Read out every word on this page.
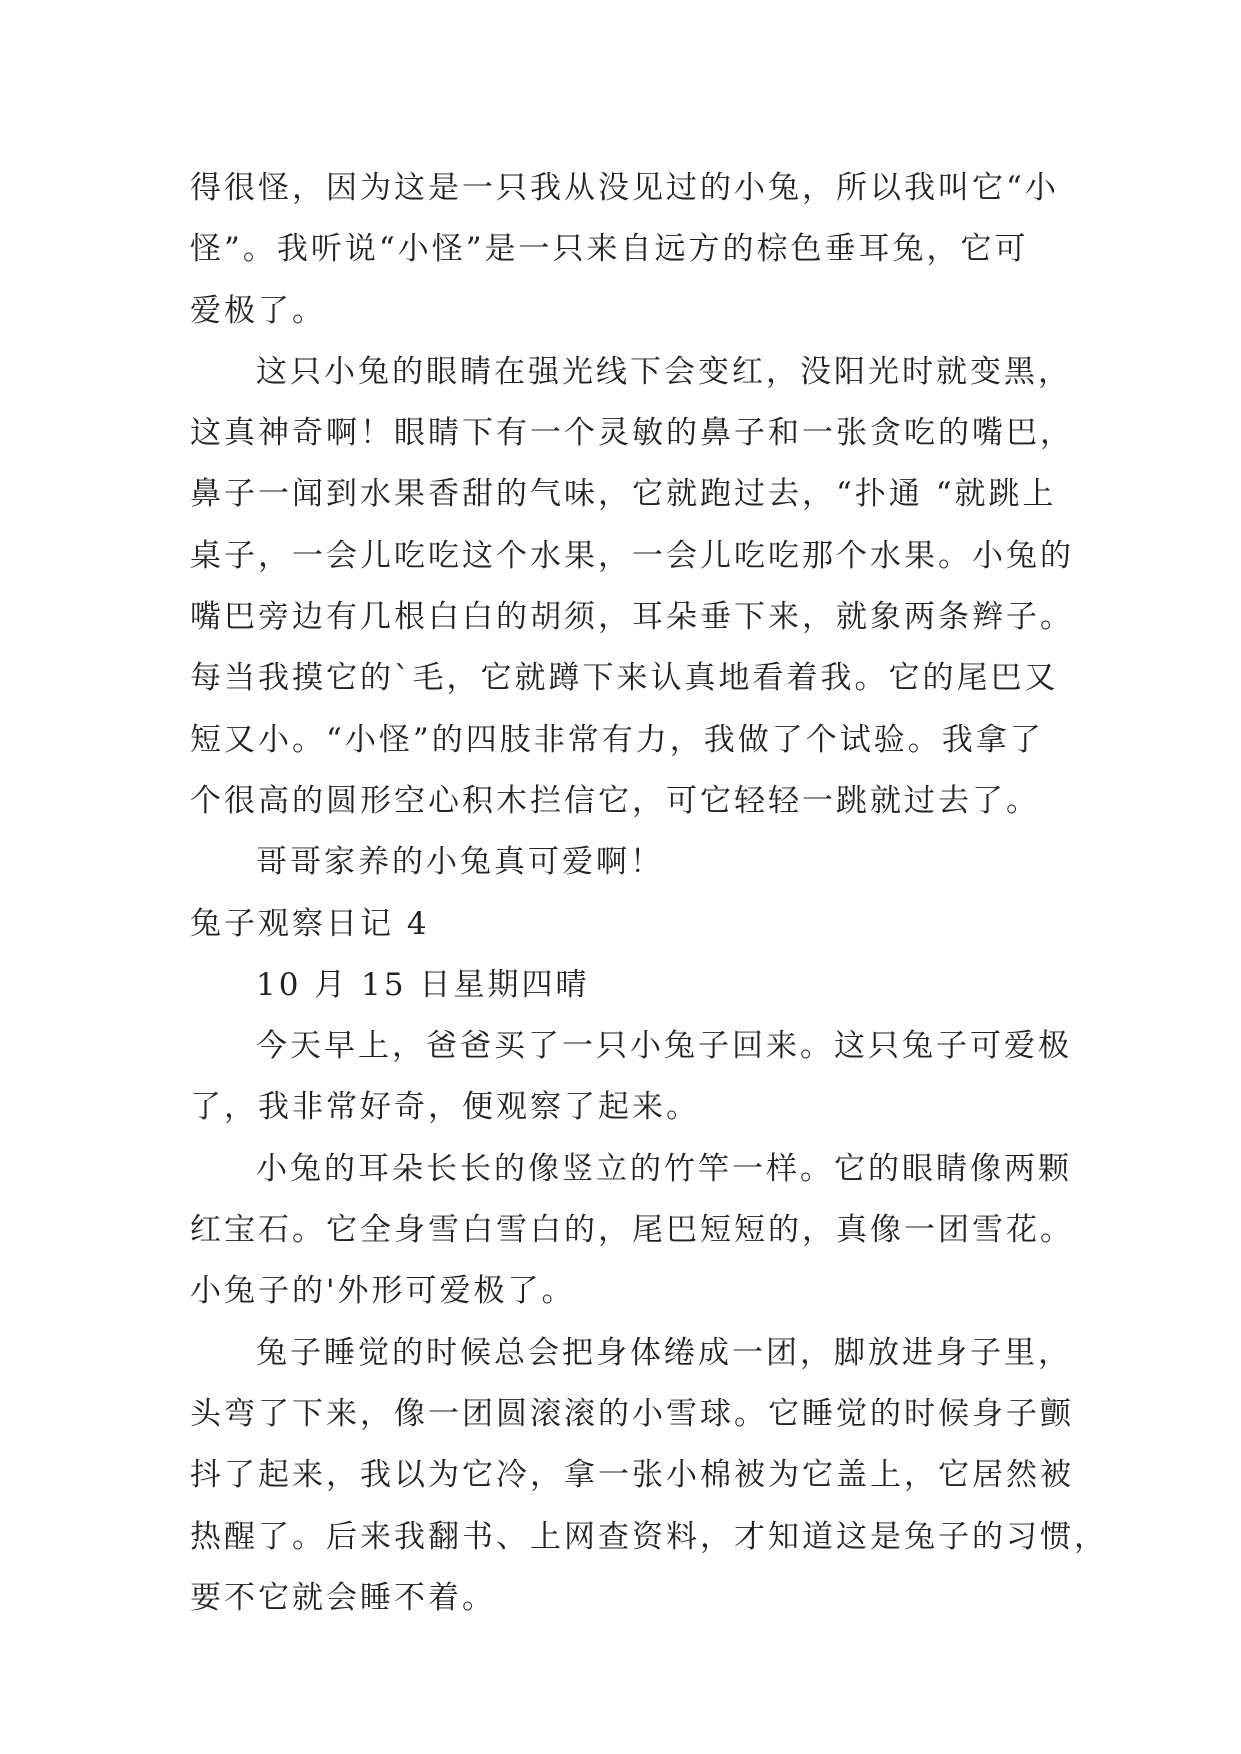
得很怪，因为这是一只我从没见过的小兔，所以我叫它“小
怪”。我听说“小怪”是一只来自远方的棕色垂耳兔，它可
爱极了。
这只小兔的眼睛在强光线下会变红，没阳光时就变黑，
这真神奇啊！眼睛下有一个灵敏的鼻子和一张贪吃的嘴巴，
鼻子一闻到水果香甜的气味，它就跑过去，“扑通 “就跳上
桌子，一会儿吃吃这个水果，一会儿吃吃那个水果。小兔的
嘴巴旁边有几根白白的胡须，耳朵垂下来，就象两条辫子。
每当我摸它的`毛，它就蹲下来认真地看着我。它的尾巴又
短又小。“小怪”的四肢非常有力，我做了个试验。我拿了
个很高的圆形空心积木拦信它，可它轻轻一跳就过去了。
哥哥家养的小兔真可爱啊！
兔子观察日记 4
10 月 15 日星期四晴
今天早上，爸爸买了一只小兔子回来。这只兔子可爱极
了，我非常好奇，便观察了起来。
小兔的耳朵长长的像竖立的竹竿一样。它的眼睛像两颗
红宝石。它全身雪白雪白的，尾巴短短的，真像一团雪花。
小兔子的'外形可爱极了。
兔子睡觉的时候总会把身体绻成一团，脚放进身子里，
头弯了下来，像一团圆滚滚的小雪球。它睡觉的时候身子颤
抖了起来，我以为它冷，拿一张小棉被为它盖上，它居然被
热醒了。后来我翻书、上网查资料，才知道这是兔子的习惯，
要不它就会睡不着。
